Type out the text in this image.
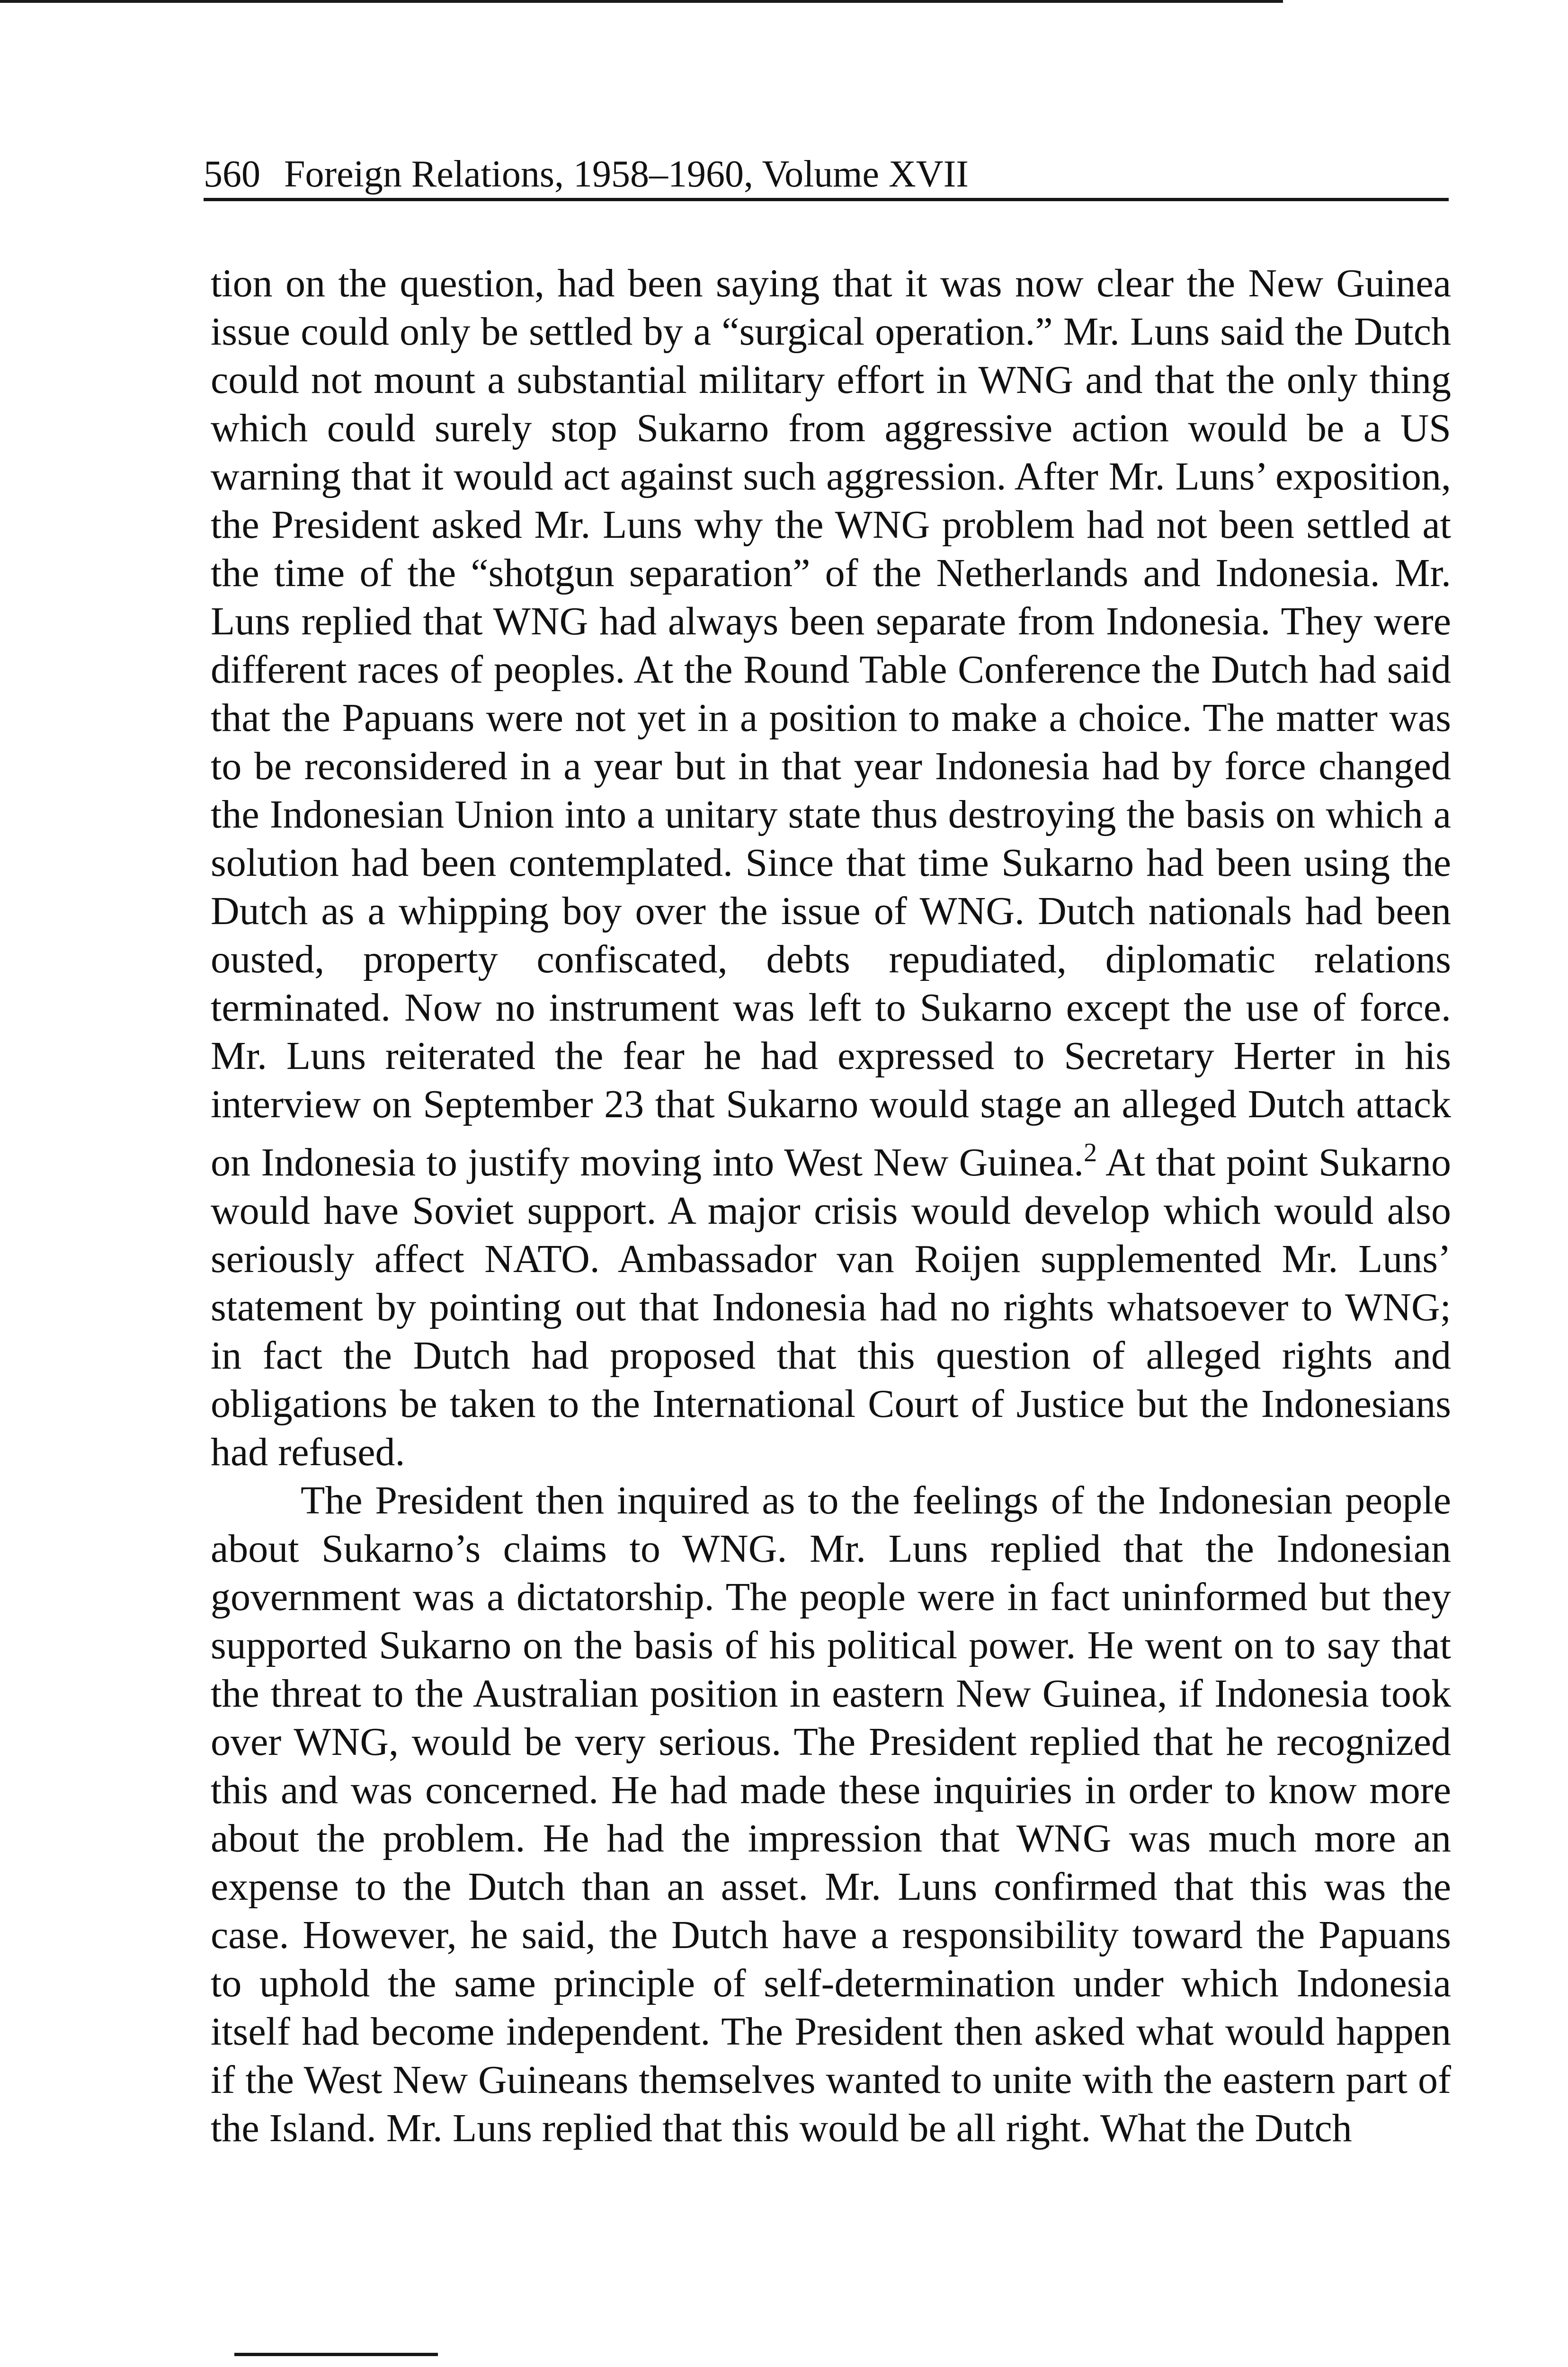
560 Foreign Relations, 1958–1960, Volume XVII

tion on the question, had been saying that it was now clear the New Guinea issue could only be settled by a “surgical operation.” Mr. Luns said the Dutch could not mount a substantial military effort in WNG and that the only thing which could surely stop Sukarno from aggressive action would be a US warning that it would act against such aggression. After Mr. Luns’ exposition, the President asked Mr. Luns why the WNG problem had not been settled at the time of the “shotgun separation” of the Netherlands and Indonesia. Mr. Luns replied that WNG had always been separate from Indonesia. They were different races of peoples. At the Round Table Conference the Dutch had said that the Papuans were not yet in a position to make a choice. The matter was to be reconsidered in a year but in that year Indonesia had by force changed the Indonesian Union into a unitary state thus destroying the basis on which a solution had been contemplated. Since that time Sukarno had been using the Dutch as a whipping boy over the issue of WNG. Dutch nationals had been ousted, property confiscated, debts repudiated, diplomatic relations terminated. Now no instrument was left to Sukarno except the use of force. Mr. Luns reiterated the fear he had expressed to Secretary Herter in his interview on September 23 that Sukarno would stage an alleged Dutch attack on Indonesia to justify moving into West New Guinea.$^2$ At that point Sukarno would have Soviet support. A major crisis would develop which would also seriously affect NATO. Ambassador van Roijen supplemented Mr. Luns’ statement by pointing out that Indonesia had no rights whatsoever to WNG; in fact the Dutch had proposed that this question of alleged rights and obligations be taken to the International Court of Justice but the Indonesians had refused.

The President then inquired as to the feelings of the Indonesian people about Sukarno’s claims to WNG. Mr. Luns replied that the Indonesian government was a dictatorship. The people were in fact uninformed but they supported Sukarno on the basis of his political power. He went on to say that the threat to the Australian position in eastern New Guinea, if Indonesia took over WNG, would be very serious. The President replied that he recognized this and was concerned. He had made these inquiries in order to know more about the problem. He had the impression that WNG was much more an expense to the Dutch than an asset. Mr. Luns confirmed that this was the case. However, he said, the Dutch have a responsibility toward the Papuans to uphold the same principle of self-determination under which Indonesia itself had become independent. The President then asked what would happen if the West New Guineans themselves wanted to unite with the eastern part of the Island. Mr. Luns replied that this would be all right. What the Dutch
